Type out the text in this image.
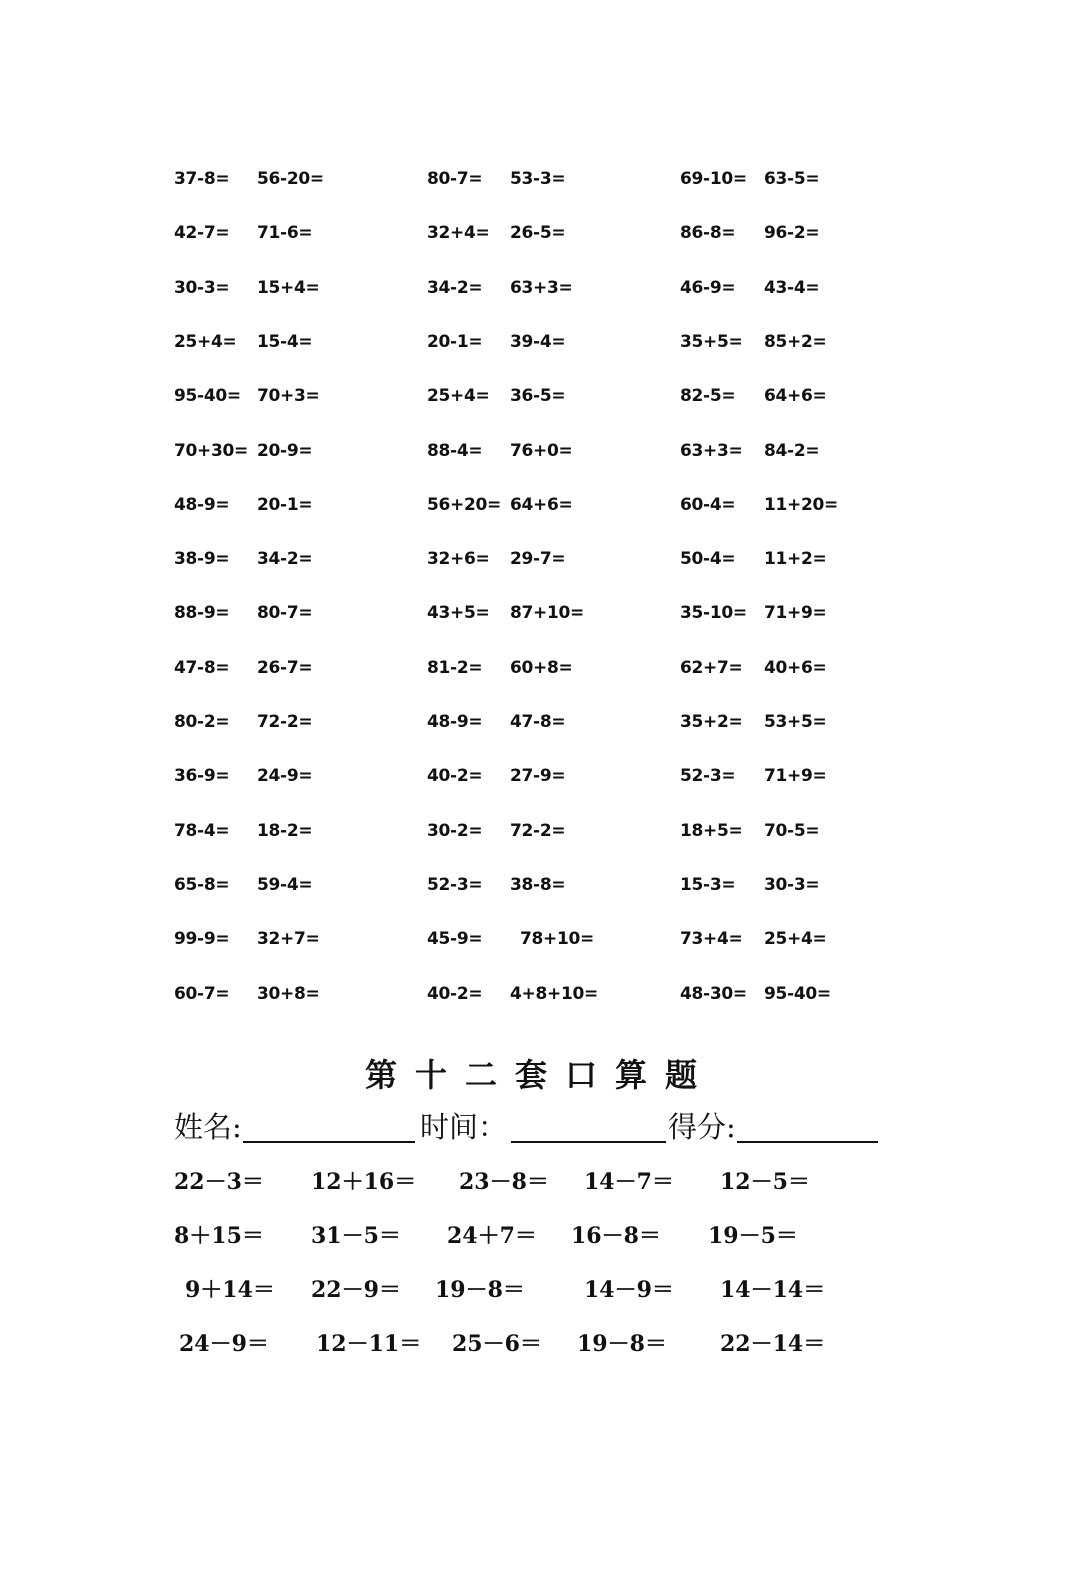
37-8= 56-20=	80-7= 53-3=	69-10= 63-5=
42-7= 71-6=	32+4= 26-5=	86-8= 96-2=
30-3= 15+4=	34-2= 63+3=	46-9= 43-4=
25+4= 15-4=	20-1= 39-4=	35+5= 85+2=
95-40= 70+3=	25+4= 36-5=	82-5= 64+6=
70+30= 20-9=	88-4= 76+0=	63+3= 84-2=
48-9= 20-1=	56+20= 64+6=	60-4= 11+20=
38-9= 34-2=	32+6= 29-7=	50-4= 11+2=
88-9= 80-7=	43+5= 87+10=	35-10= 71+9=
47-8= 26-7=	81-2= 60+8=	62+7= 40+6=
80-2= 72-2=	48-9= 47-8=	35+2= 53+5=
36-9= 24-9=	40-2= 27-9=	52-3= 71+9=
78-4= 18-2=	30-2= 72-2=	18+5= 70-5=
65-8= 59-4=	52-3= 38-8=	15-3= 30-3=
99-9= 32+7=	45-9= 78+10=	73+4= 25+4=
60-7= 30+8=	40-2= 4+8+10=	48-30= 95-40=
第十二套口算题
姓名:	时间：	得分:
22－3＝ 12＋16＝ 23－8＝ 14－7＝ 12－5＝
8＋15＝ 31－5＝ 24＋7＝ 16－8＝ 19－5＝
9＋14＝ 22－9＝ 19－8＝	14－9＝ 14－14＝
24－9＝ 12－11＝ 25－6＝ 19－8＝ 22－14＝
